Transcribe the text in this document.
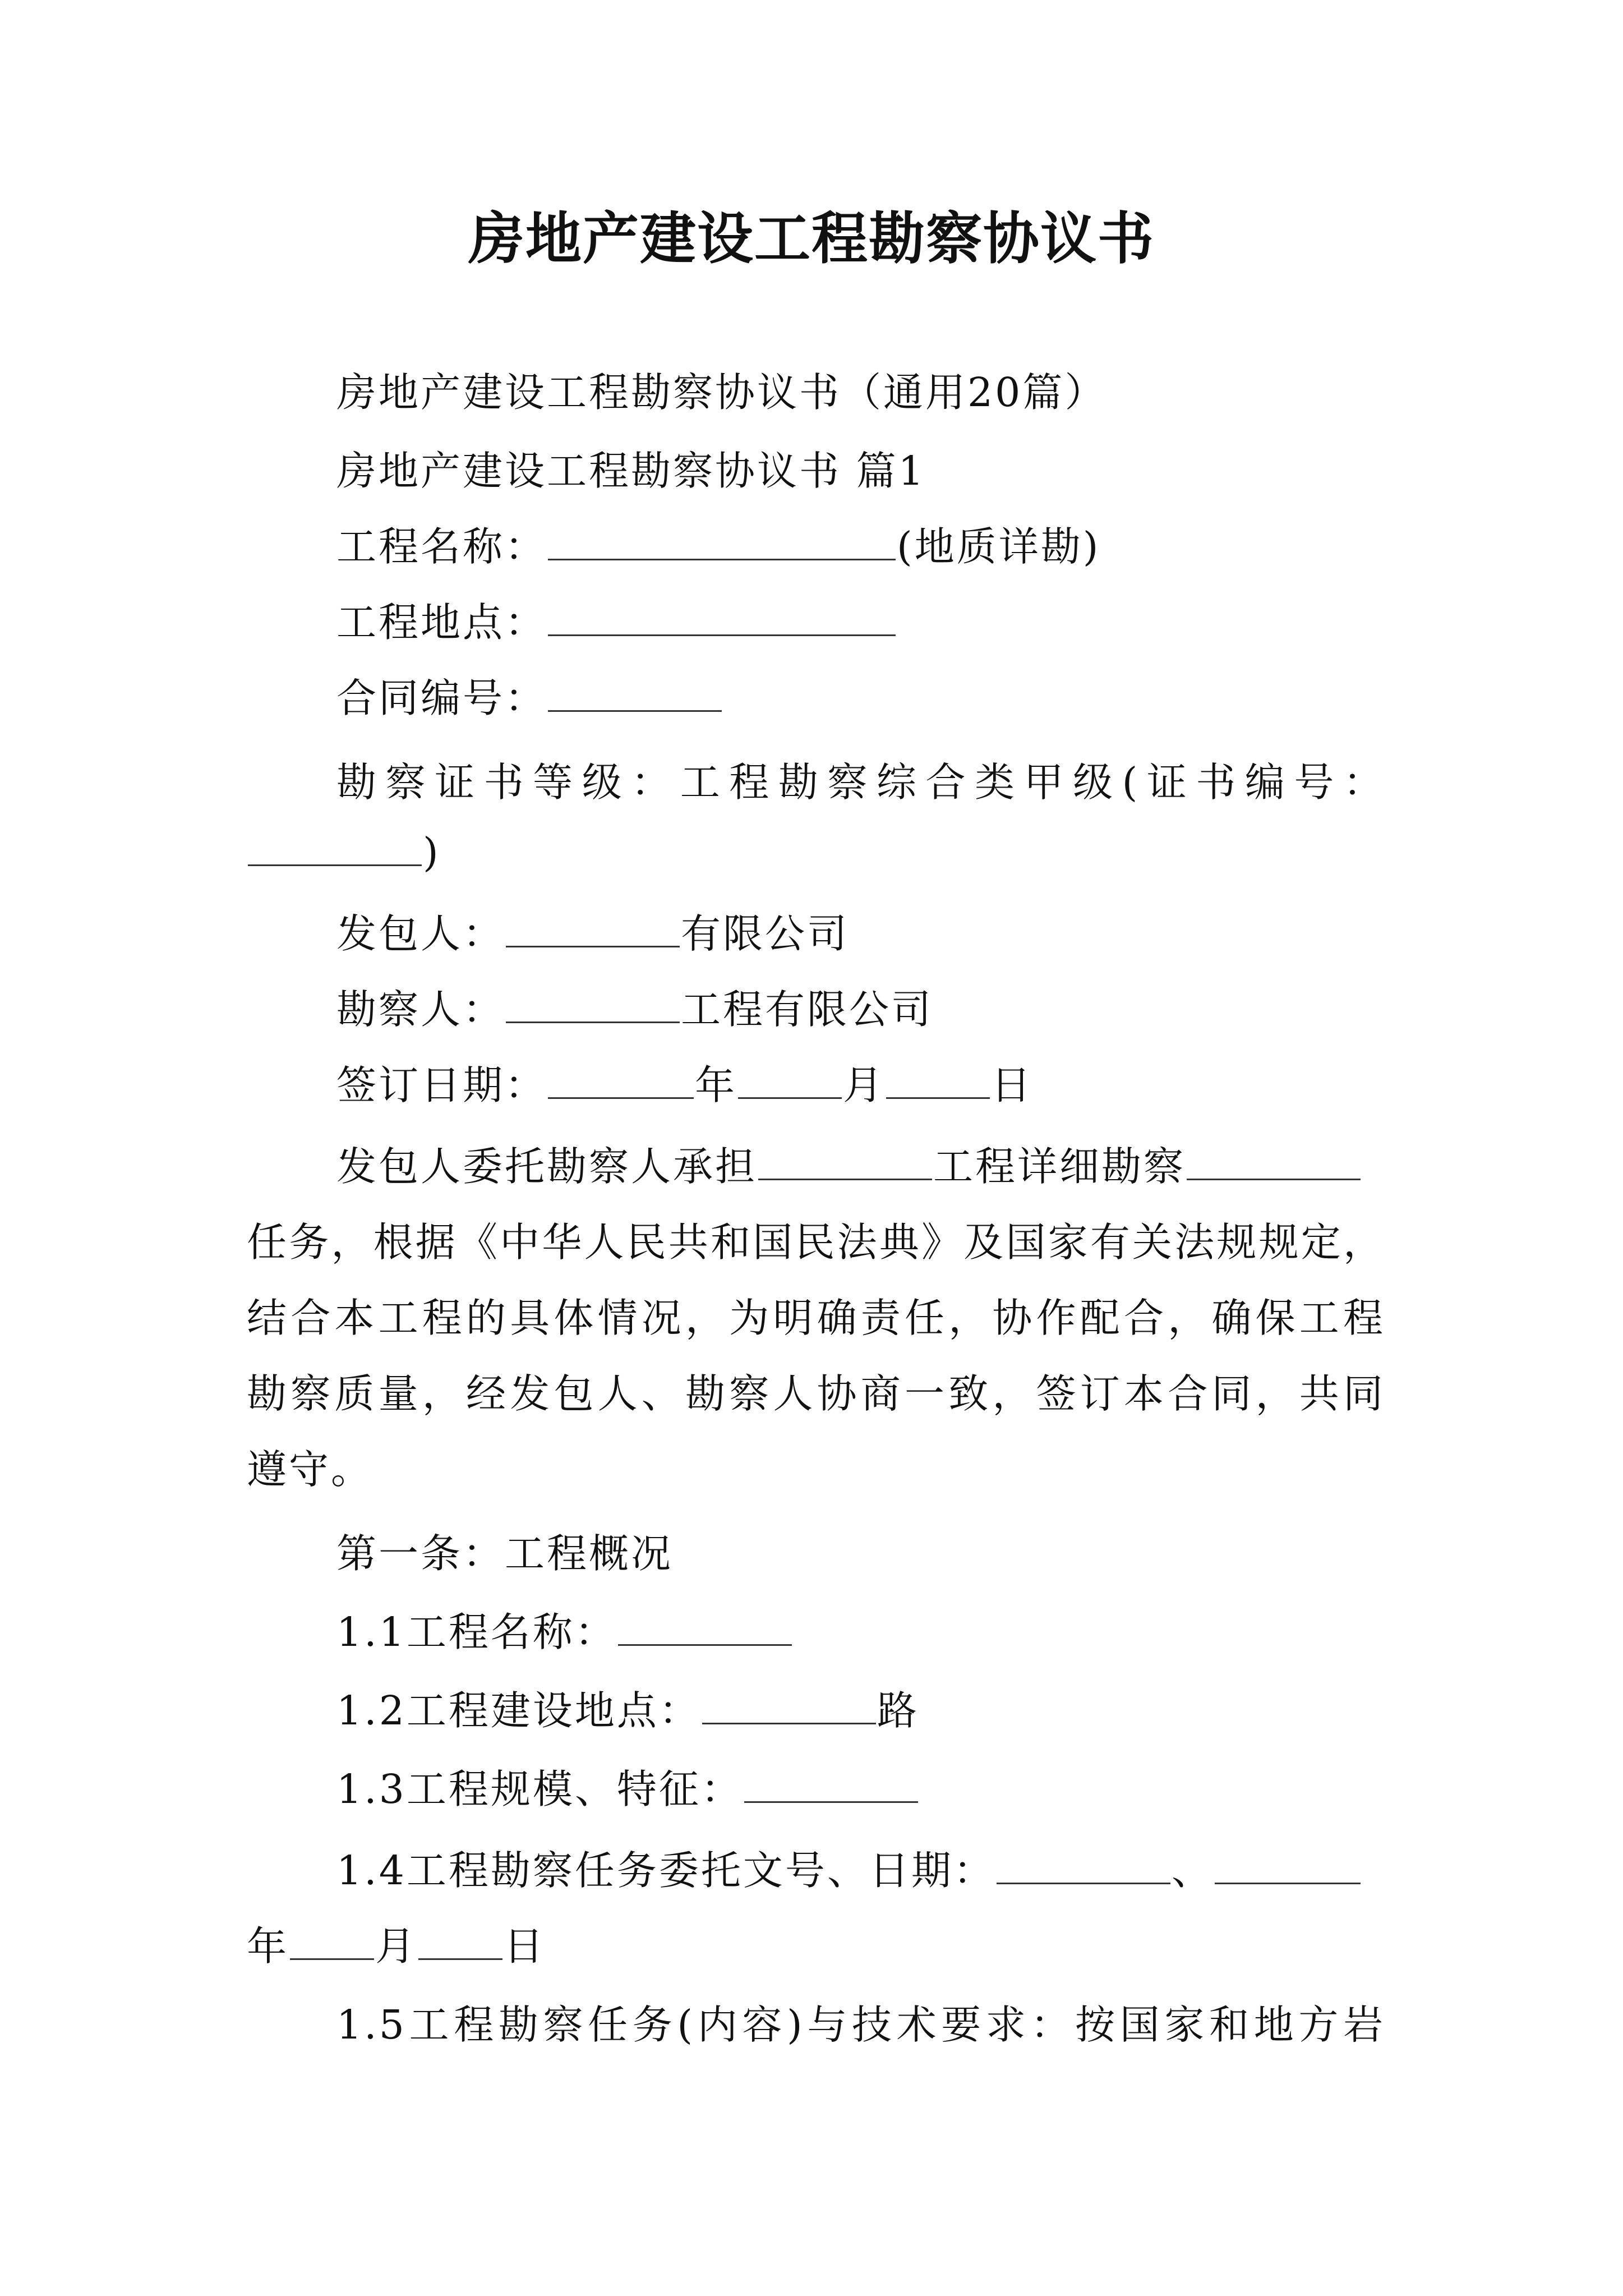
房地产建设工程勘察协议书
房地产建设工程勘察协议书（通用20篇）
房地产建设工程勘察协议书 篇1
工程名称：	(地质详勘)
工程地点：
合同编号：
勘察证书等级：工程勘察综合类甲级(证书编号：
)
发包人：	有限公司
勘察人：	工程有限公司
签订日期：	年	月	日
发包人委托勘察人承担	工程详细勘察
任务，根据《中华人民共和国民法典》及国家有关法规规定，
结合本工程的具体情况，为明确责任，协作配合，确保工程
勘察质量，经发包人、勘察人协商一致，签订本合同，共同
遵守。
第一条：工程概况
1.1工程名称：
1.2工程建设地点：	路
1.3工程规模、特征：
1.4工程勘察任务委托文号、日期：	、
年 月 日
1.5工程勘察任务(内容)与技术要求：按国家和地方岩
